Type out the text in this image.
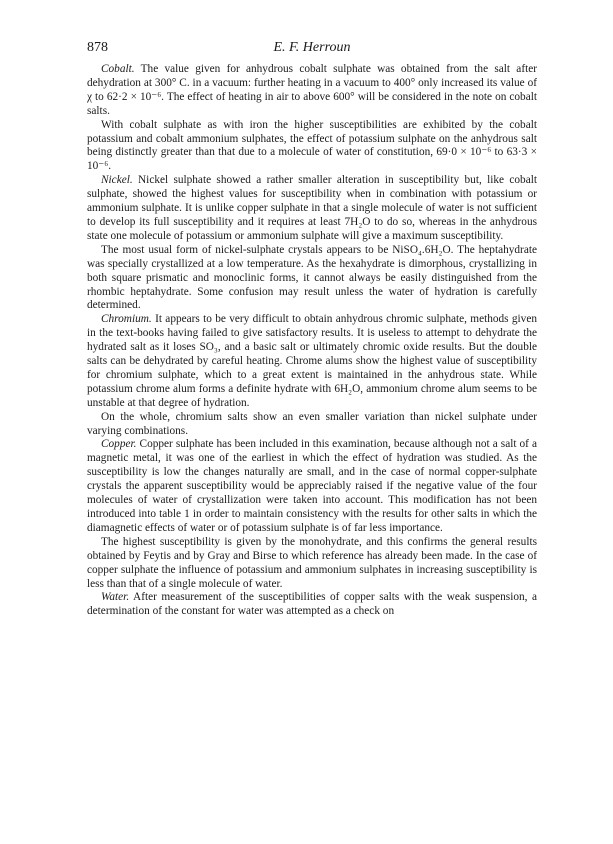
878	E. F. Herroun

Cobalt. The value given for anhydrous cobalt sulphate was obtained from the salt after dehydration at 300° C. in a vacuum: further heating in a vacuum to 400° only increased its value of χ to 62·2 × 10⁻⁶. The effect of heating in air to above 600° will be considered in the note on cobalt salts.

With cobalt sulphate as with iron the higher susceptibilities are exhibited by the cobalt potassium and cobalt ammonium sulphates, the effect of potassium sulphate on the anhydrous salt being distinctly greater than that due to a molecule of water of constitution, 69·0 × 10⁻⁶ to 63·3 × 10⁻⁶.

Nickel. Nickel sulphate showed a rather smaller alteration in susceptibility but, like cobalt sulphate, showed the highest values for susceptibility when in combination with potassium or ammonium sulphate. It is unlike copper sulphate in that a single molecule of water is not sufficient to develop its full susceptibility and it requires at least 7H₂O to do so, whereas in the anhydrous state one molecule of potassium or ammonium sulphate will give a maximum susceptibility.

The most usual form of nickel-sulphate crystals appears to be NiSO₄.6H₂O. The heptahydrate was specially crystallized at a low temperature. As the hexahydrate is dimorphous, crystallizing in both square prismatic and monoclinic forms, it cannot always be easily distinguished from the rhombic heptahydrate. Some confusion may result unless the water of hydration is carefully determined.

Chromium. It appears to be very difficult to obtain anhydrous chromic sulphate, methods given in the text-books having failed to give satisfactory results. It is useless to attempt to dehydrate the hydrated salt as it loses SO₃, and a basic salt or ultimately chromic oxide results. But the double salts can be dehydrated by careful heating. Chrome alums show the highest value of susceptibility for chromium sulphate, which to a great extent is maintained in the anhydrous state. While potassium chrome alum forms a definite hydrate with 6H₂O, ammonium chrome alum seems to be unstable at that degree of hydration.

On the whole, chromium salts show an even smaller variation than nickel sulphate under varying combinations.

Copper. Copper sulphate has been included in this examination, because although not a salt of a magnetic metal, it was one of the earliest in which the effect of hydration was studied. As the susceptibility is low the changes naturally are small, and in the case of normal copper-sulphate crystals the apparent susceptibility would be appreciably raised if the negative value of the four molecules of water of crystallization were taken into account. This modification has not been introduced into table 1 in order to maintain consistency with the results for other salts in which the diamagnetic effects of water or of potassium sulphate is of far less importance.

The highest susceptibility is given by the monohydrate, and this confirms the general results obtained by Feytis and by Gray and Birse to which reference has already been made. In the case of copper sulphate the influence of potassium and ammonium sulphates in increasing susceptibility is less than that of a single molecule of water.

Water. After measurement of the susceptibilities of copper salts with the weak suspension, a determination of the constant for water was attempted as a check on
